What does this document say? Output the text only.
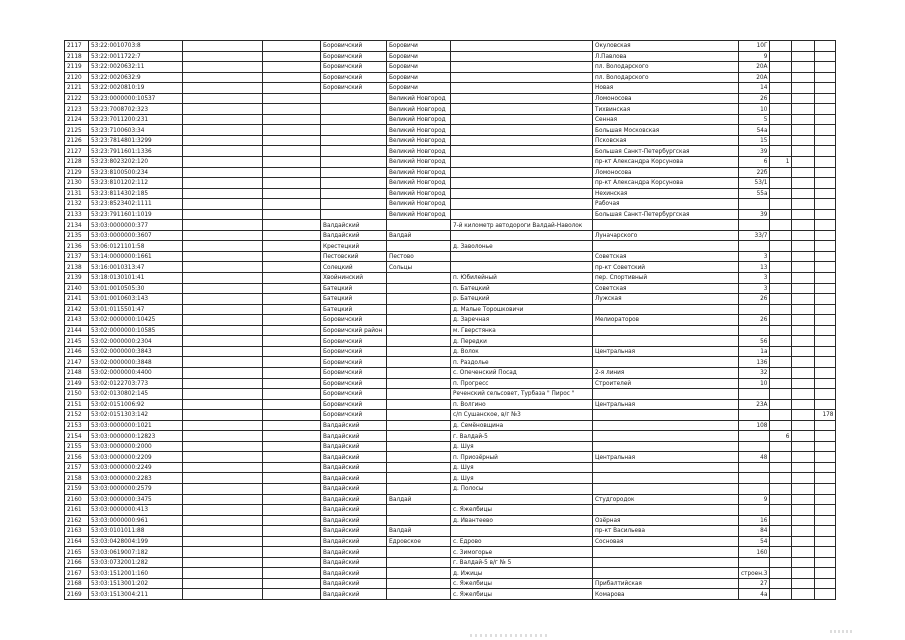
2117	53:22:0010703:8			Боровичский	Боровичи		Окуловская	10Г			
2118	53:22:0011722:7			Боровичский	Боровичи		Л.Павлова	9			
2119	53:22:0020632:11			Боровичский	Боровичи		пл. Володарского	20А			
2120	53:22:0020632:9			Боровичский	Боровичи		пл. Володарского	20А			
2121	53:22:0020810:19			Боровичский	Боровичи		Новая	14			
2122	53:23:0000000:10537				Великий Новгород		Ломоносова	26			
2123	53:23:7008702:323				Великий Новгород		Тихвинская	10			
2124	53:23:7011200:231				Великий Новгород		Сенная	5			
2125	53:23:7100603:34				Великий Новгород		Большая Московская	54а			
2126	53:23:7814801:3299				Великий Новгород		Псковская	15			
2127	53:23:7911601:1336				Великий Новгород		Большая Санкт-Петербургская	39			
2128	53:23:8023202:120				Великий Новгород		пр-кт Александра Корсунова	6	1		
2129	53:23:8100500:234				Великий Новгород		Ломоносова	22б			
2130	53:23:8101202:112				Великий Новгород		пр-кт Александра Корсунова	53/1			
2131	53:23:8114302:185				Великий Новгород		Нехинская	55а			
2132	53:23:8523402:1111				Великий Новгород		Рабочая				
2133	53:23:7911601:1019				Великий Новгород		Большая Санкт-Петербургская	39			
2134	53:03:0000000:377			Валдайский		7-й километр автодороги Валдай-Наволок					
2135	53:03:0000000:3607			Валдайский	Валдай		Луначарского	33/7			
2136	53:06:0121101:58			Крестецкий		д. Заволонье					
2137	53:14:0000000:1661			Пестовский	Пестово		Советская	3			
2138	53:16:0010313:47			Солецкий	Сольцы		пр-кт Советский	13			
2139	53:18:0130101:41			Хвойнинский		п. Юбилейный	пер. Спортивный	3			
2140	53:01:0010505:30			Батецкий		п. Батецкий	Советская	3			
2141	53:01:0010603:143			Батецкий		р. Батецкий	Лужская	26			
2142	53:01:0115501:47			Батецкий		д. Малые Торошковичи					
2143	53:02:0000000:10425			Боровичский		д. Заречная	Мелиораторов	26			
2144	53:02:0000000:10585			Боровичский район		м. Гверстянка					
2145	53:02:0000000:2304			Боровичский		д. Передки		56			
2146	53:02:0000000:3843			Боровичский		д. Волок	Центральная	1а			
2147	53:02:0000000:3848			Боровичский		п. Раздолье		136			
2148	53:02:0000000:4400			Боровичский		с. Опеченский Посад	2-я линия	32			
2149	53:02:0122703:773			Боровичский		п. Прогресс	Строителей	10			
2150	53:02:0130802:145			Боровичский		Реченский сельсовет, Турбаза " Пирос "					
2151	53:02:0151006:92			Боровичский		п. Волгино	Центральная	23А			
2152	53:02:0151303:142			Боровичский		с/п Сушанское, в/г №3					178
2153	53:03:0000000:1021			Валдайский		д. Семёновщина		108			
2154	53:03:0000000:12823			Валдайский		г. Валдай-5			6		
2155	53:03:0000000:2000			Валдайский		д. Шуя					
2156	53:03:0000000:2209			Валдайский		п. Приозёрный	Центральная	48			
2157	53:03:0000000:2249			Валдайский		д. Шуя					
2158	53:03:0000000:2283			Валдайский		д. Шуя					
2159	53:03:0000000:2579			Валдайский		д. Полосы					
2160	53:03:0000000:3475			Валдайский	Валдай		Студгородок	9			
2161	53:03:0000000:413			Валдайский		с. Яжелбицы					
2162	53:03:0000000:961			Валдайский		д. Ивантеево	Озёрная	16			
2163	53:03:0101011:88			Валдайский	Валдай		пр-кт Васильева	84			
2164	53:03:0428004:199			Валдайский	Едровское	с. Едрово	Сосновая	54			
2165	53:03:0619007:182			Валдайский		с. Зимогорье		160			
2166	53:03:0732001:282			Валдайский		г. Валдай-5 в/г № 5					
2167	53:03:1512001:160			Валдайский		д. Ижицы		строен.3			
2168	53:03:1513001:202			Валдайский		с. Яжелбицы	Прибалтийская	27			
2169	53:03:1513004:211			Валдайский		с. Яжелбицы	Комарова	4а			
